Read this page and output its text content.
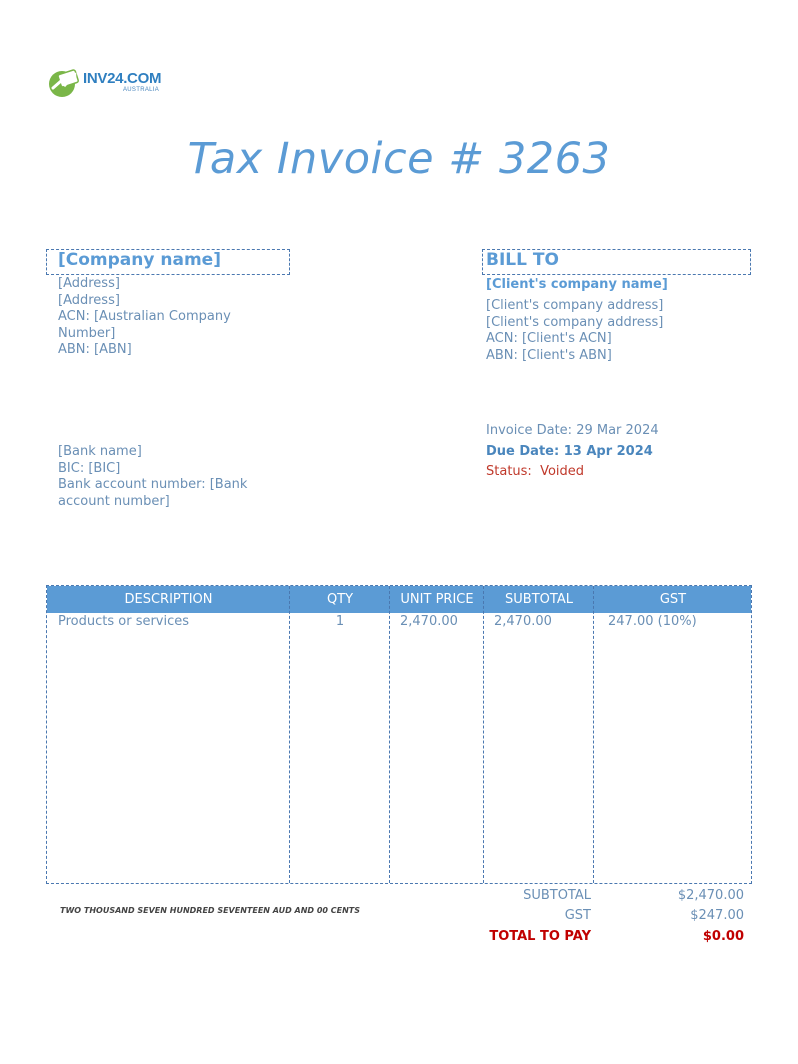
INV24.COM
AUSTRALIA
Tax Invoice # 3263
[Company name]
[Address]
[Address]
ACN: [Australian Company
Number]
ABN: [ABN]
BILL TO
[Client's company name]
[Client's company address]
[Client's company address]
ACN: [Client's ACN]
ABN: [Client's ABN]
[Bank name]
BIC: [BIC]
Bank account number: [Bank
account number]
Invoice Date: 29 Mar 2024
Due Date: 13 Apr 2024
Status: Voided
DESCRIPTION	QTY	UNIT PRICE	SUBTOTAL	GST
Products or services	1	2,470.00	2,470.00	247.00 (10%)
TWO THOUSAND SEVEN HUNDRED SEVENTEEN AUD AND 00 CENTS
SUBTOTAL	$2,470.00
GST	$247.00
TOTAL TO PAY	$0.00
